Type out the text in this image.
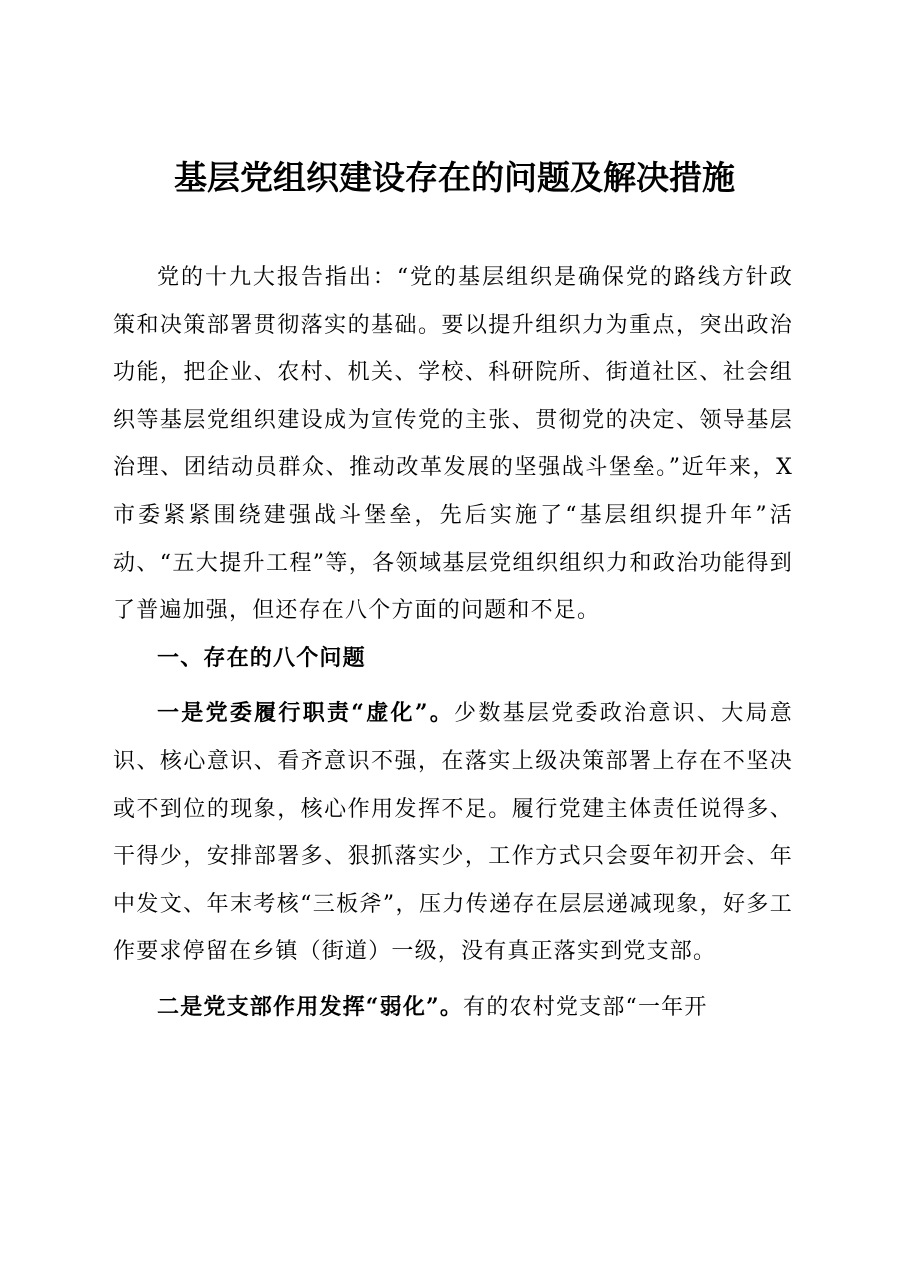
基层党组织建设存在的问题及解决措施

党的十九大报告指出：“党的基层组织是确保党的路线方针政策和决策部署贯彻落实的基础。要以提升组织力为重点，突出政治功能，把企业、农村、机关、学校、科研院所、街道社区、社会组织等基层党组织建设成为宣传党的主张、贯彻党的决定、领导基层治理、团结动员群众、推动改革发展的坚强战斗堡垒。”近年来，X市委紧紧围绕建强战斗堡垒，先后实施了“基层组织提升年”活动、“五大提升工程”等，各领域基层党组织组织力和政治功能得到了普遍加强，但还存在八个方面的问题和不足。

一、存在的八个问题

一是党委履行职责“虚化”。少数基层党委政治意识、大局意识、核心意识、看齐意识不强，在落实上级决策部署上存在不坚决或不到位的现象，核心作用发挥不足。履行党建主体责任说得多、干得少，安排部署多、狠抓落实少，工作方式只会耍年初开会、年中发文、年末考核“三板斧”，压力传递存在层层递减现象，好多工作要求停留在乡镇（街道）一级，没有真正落实到党支部。

二是党支部作用发挥“弱化”。有的农村党支部“一年开
